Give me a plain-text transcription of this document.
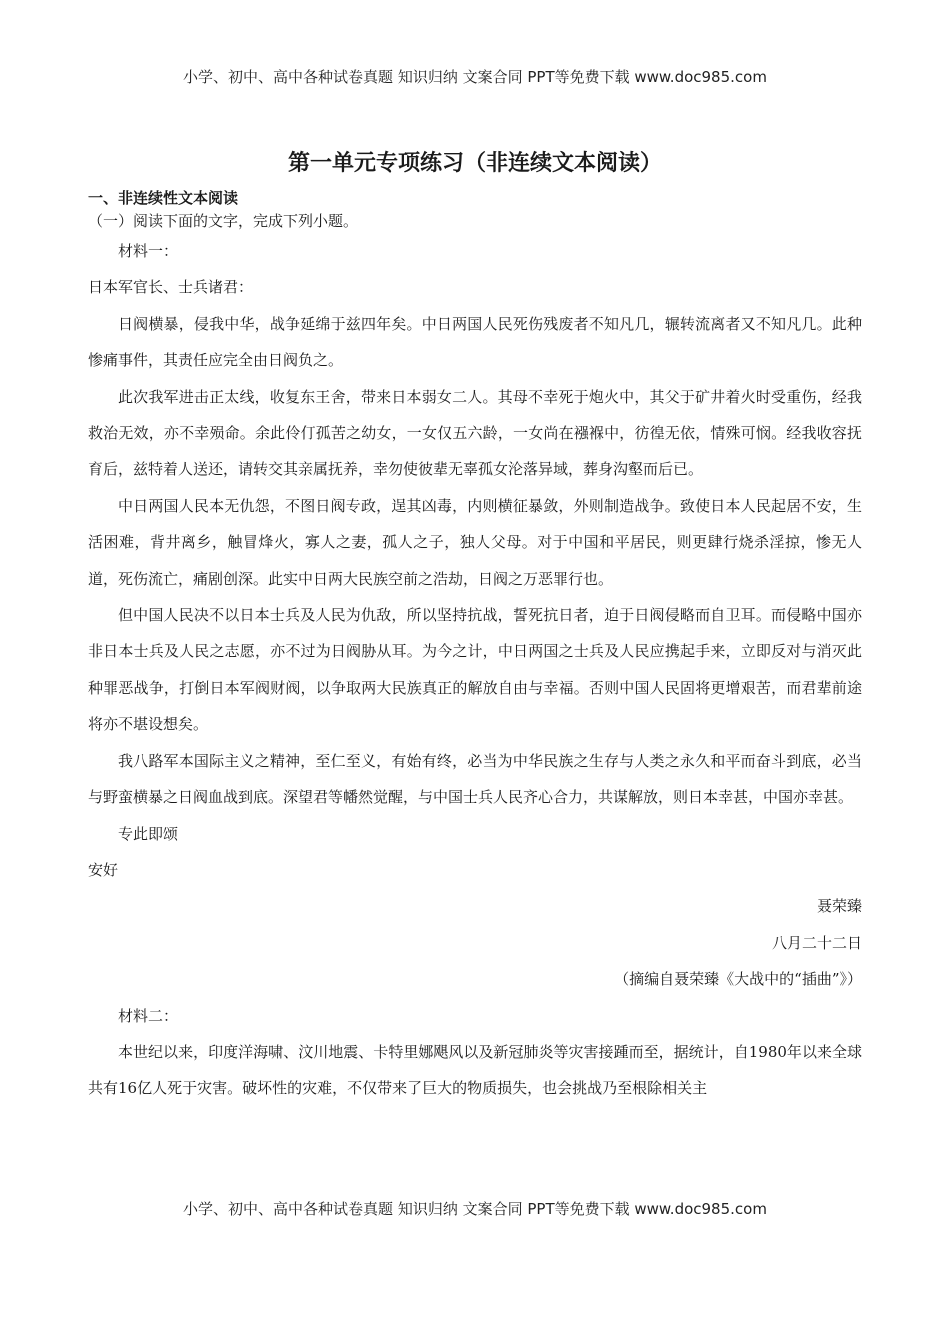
小学、初中、高中各种试卷真题 知识归纳 文案合同 PPT等免费下载 www.doc985.com
第一单元专项练习（非连续文本阅读）
一、非连续性文本阅读
（一）阅读下面的文字，完成下列小题。

材料一：

日本军官长、士兵诸君：

日阀横暴，侵我中华，战争延绵于兹四年矣。中日两国人民死伤残废者不知凡几，辗转流离者又不知凡几。此种惨痛事件，其责任应完全由日阀负之。

此次我军进击正太线，收复东王舍，带来日本弱女二人。其母不幸死于炮火中，其父于矿井着火时受重伤，经我救治无效，亦不幸殒命。余此伶仃孤苦之幼女，一女仅五六龄，一女尚在襁褓中，彷徨无依，情殊可悯。经我收容抚育后，兹特着人送还，请转交其亲属抚养，幸勿使彼辈无辜孤女沦落异域，葬身沟壑而后已。

中日两国人民本无仇怨，不图日阀专政，逞其凶毒，内则横征暴敛，外则制造战争。致使日本人民起居不安，生活困难，背井离乡，触冒烽火，寡人之妻，孤人之子，独人父母。对于中国和平居民，则更肆行烧杀淫掠，惨无人道，死伤流亡，痛剧创深。此实中日两大民族空前之浩劫，日阀之万恶罪行也。

但中国人民决不以日本士兵及人民为仇敌，所以坚持抗战，誓死抗日者，迫于日阀侵略而自卫耳。而侵略中国亦非日本士兵及人民之志愿，亦不过为日阀胁从耳。为今之计，中日两国之士兵及人民应携起手来，立即反对与消灭此种罪恶战争，打倒日本军阀财阀，以争取两大民族真正的解放自由与幸福。否则中国人民固将更增艰苦，而君辈前途将亦不堪设想矣。

我八路军本国际主义之精神，至仁至义，有始有终，必当为中华民族之生存与人类之永久和平而奋斗到底，必当与野蛮横暴之日阀血战到底。深望君等幡然觉醒，与中国士兵人民齐心合力，共谋解放，则日本幸甚，中国亦幸甚。

专此即颂

安好

聂荣臻

八月二十二日

（摘编自聂荣臻《大战中的“插曲”》）

材料二：

本世纪以来，印度洋海啸、汶川地震、卡特里娜飓风以及新冠肺炎等灾害接踵而至，据统计，自1980年以来全球共有16亿人死于灾害。破坏性的灾难，不仅带来了巨大的物质损失，也会挑战乃至根除相关主

小学、初中、高中各种试卷真题 知识归纳 文案合同 PPT等免费下载 www.doc985.com
